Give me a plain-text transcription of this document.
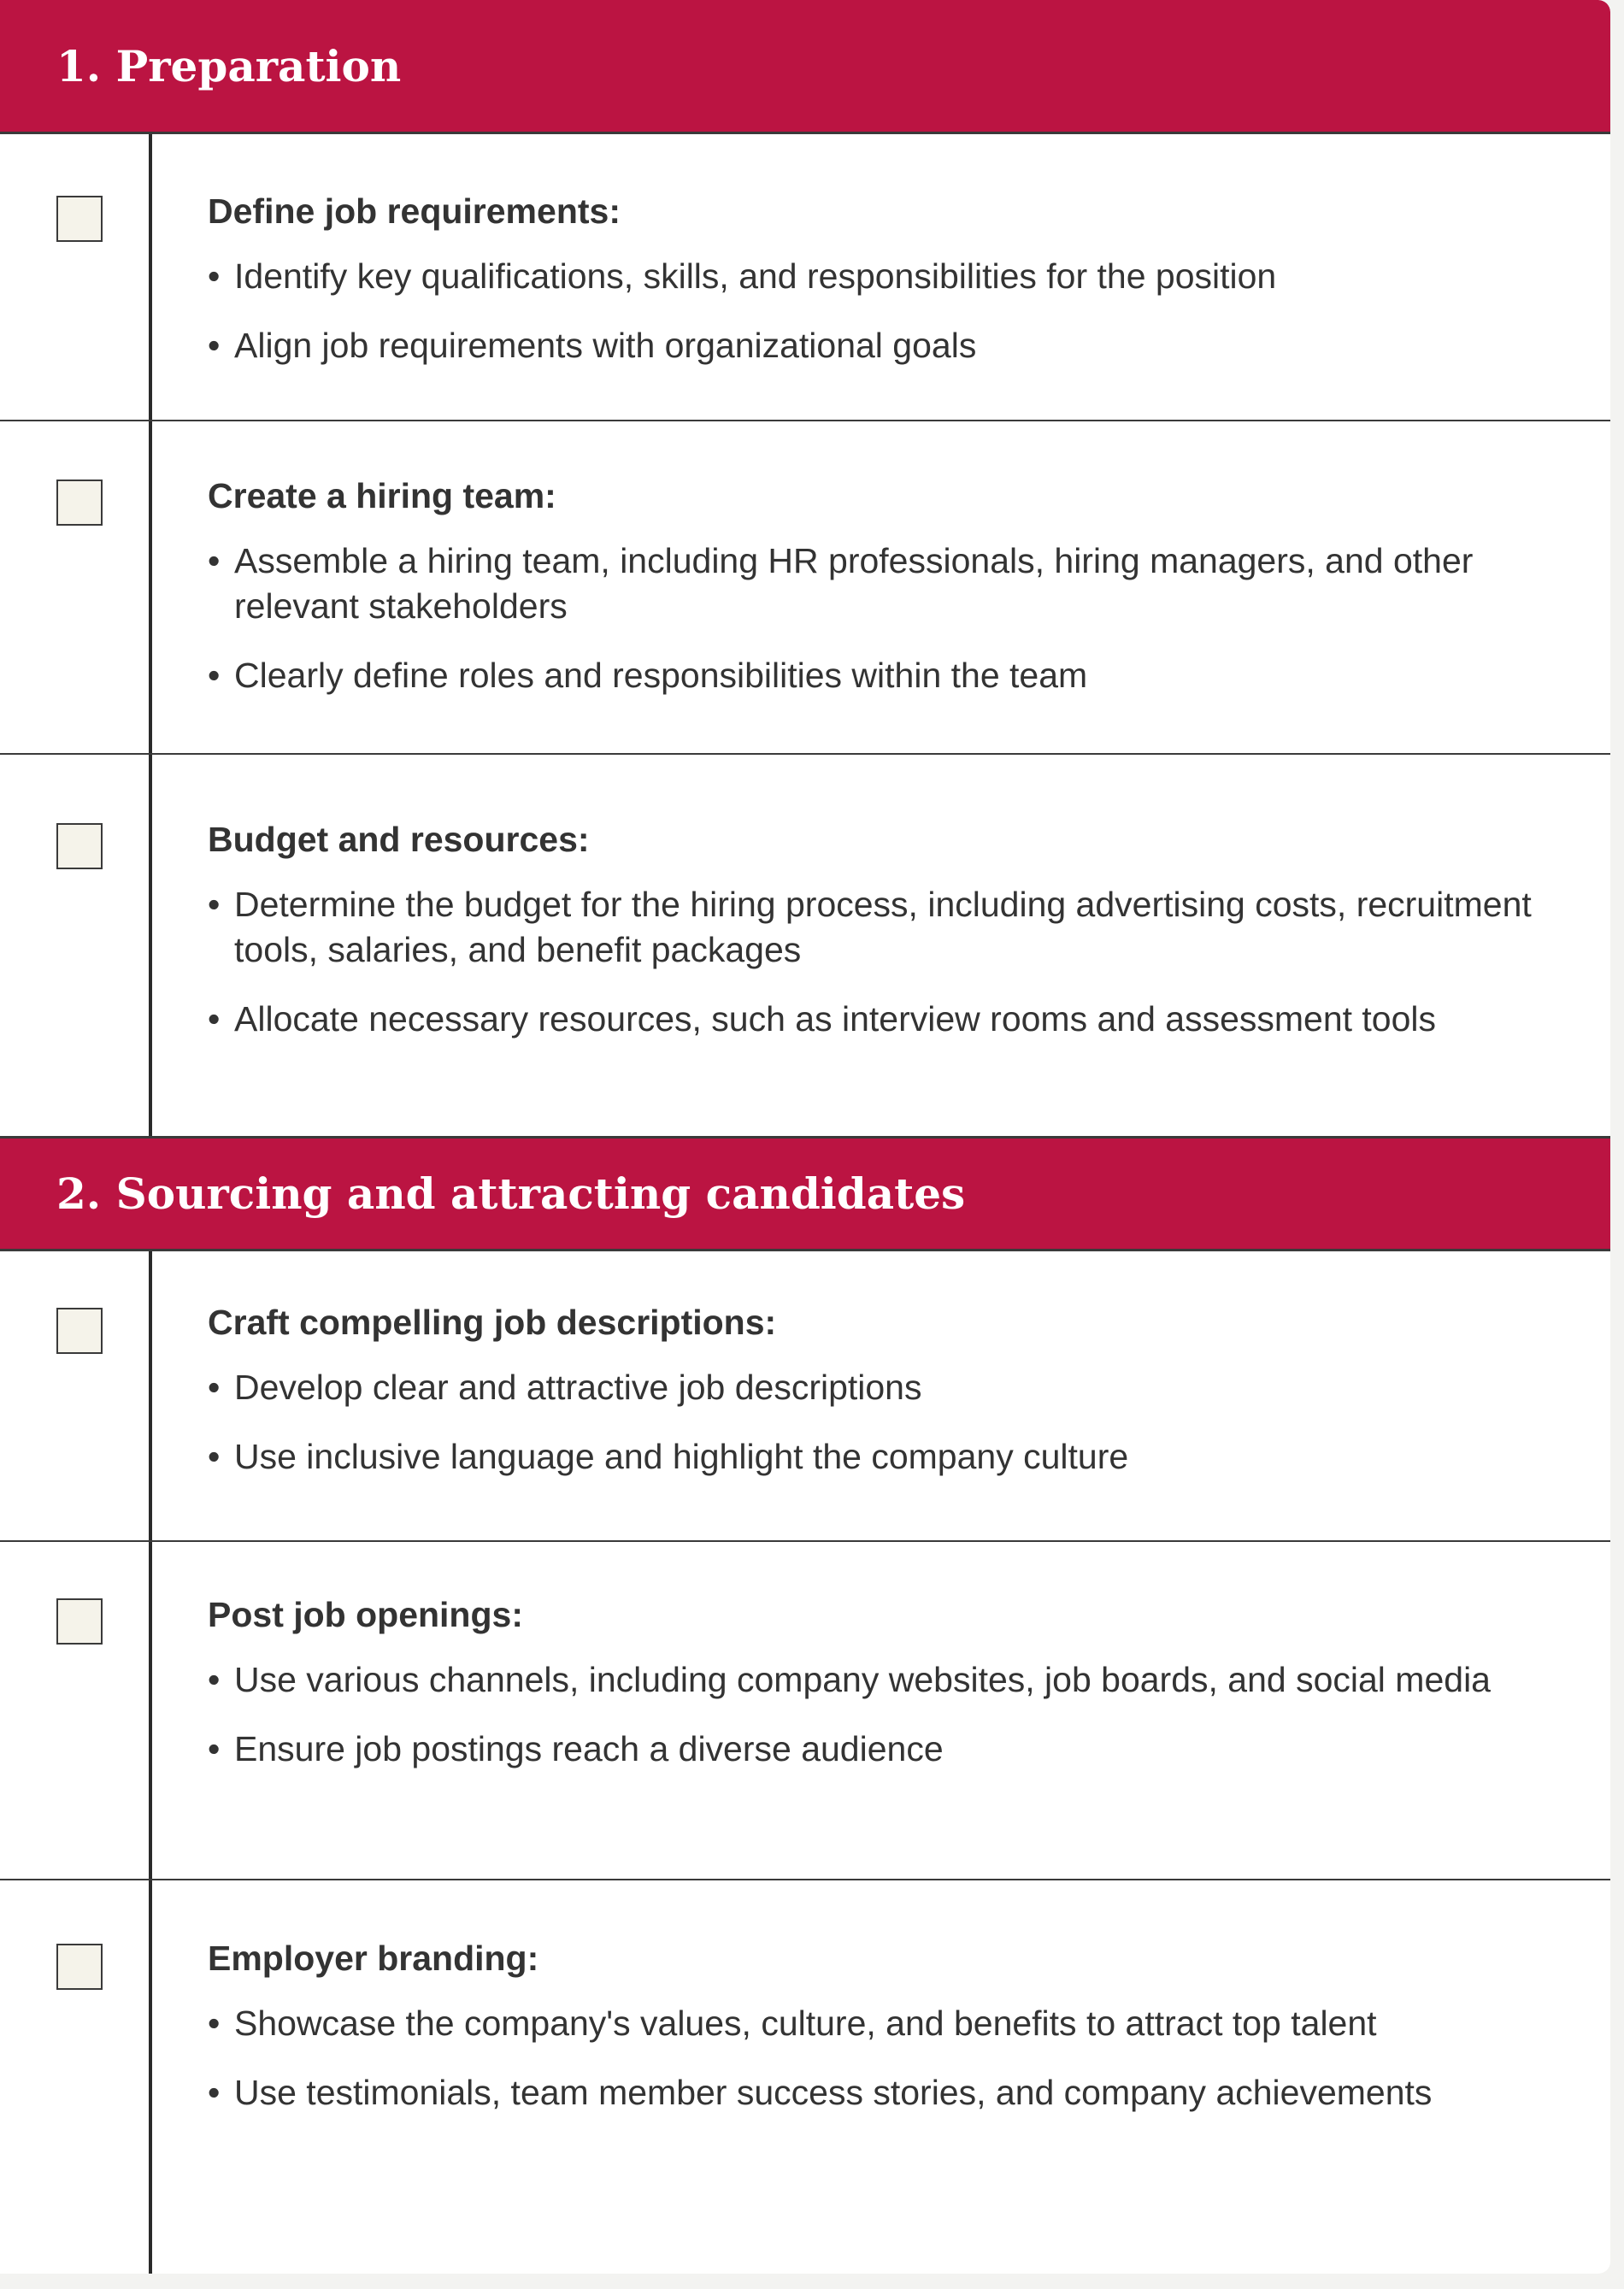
1. Preparation

Define job requirements:

• Identify key qualifications, skills, and responsibilities for the position
• Align job requirements with organizational goals

Create a hiring team:

• Assemble a hiring team, including HR professionals, hiring managers, and other relevant stakeholders
• Clearly define roles and responsibilities within the team

Budget and resources:

• Determine the budget for the hiring process, including advertising costs, recruitment tools, salaries, and benefit packages
• Allocate necessary resources, such as interview rooms and assessment tools
2. Sourcing and attracting candidates

Craft compelling job descriptions:

• Develop clear and attractive job descriptions
• Use inclusive language and highlight the company culture

Post job openings:

• Use various channels, including company websites, job boards, and social media
• Ensure job postings reach a diverse audience

Employer branding:

• Showcase the company's values, culture, and benefits to attract top talent
• Use testimonials, team member success stories, and company achievements
